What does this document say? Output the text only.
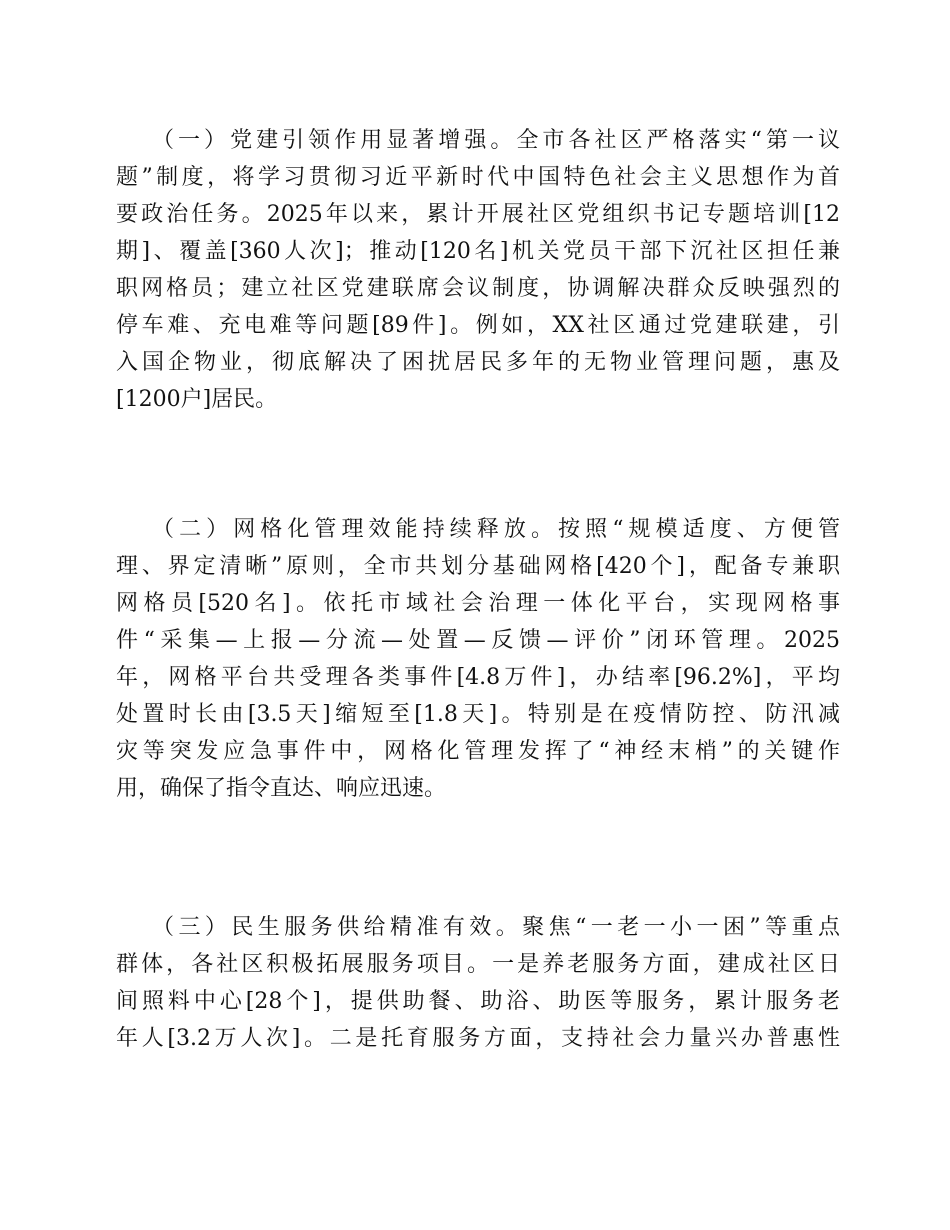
（一）党建引领作用显著增强。全市各社区严格落实“第一议
题”制度，将学习贯彻习近平新时代中国特色社会主义思想作为首
要政治任务。2025年以来，累计开展社区党组织书记专题培训[12
期]、覆盖[360人次]；推动[120名]机关党员干部下沉社区担任兼
职网格员；建立社区党建联席会议制度，协调解决群众反映强烈的
停车难、充电难等问题[89件]。例如，XX社区通过党建联建，引
入国企物业，彻底解决了困扰居民多年的无物业管理问题，惠及
[1200户]居民。
（二）网格化管理效能持续释放。按照“规模适度、方便管
理、界定清晰”原则，全市共划分基础网格[420个]，配备专兼职
网格员[520名]。依托市域社会治理一体化平台，实现网格事
件“采集—上报—分流—处置—反馈—评价”闭环管理。2025
年，网格平台共受理各类事件[4.8万件]，办结率[96.2%]，平均
处置时长由[3.5天]缩短至[1.8天]。特别是在疫情防控、防汛减
灾等突发应急事件中，网格化管理发挥了“神经末梢”的关键作
用，确保了指令直达、响应迅速。
（三）民生服务供给精准有效。聚焦“一老一小一困”等重点
群体，各社区积极拓展服务项目。一是养老服务方面，建成社区日
间照料中心[28个]，提供助餐、助浴、助医等服务，累计服务老
年人[3.2万人次]。二是托育服务方面，支持社会力量兴办普惠性
